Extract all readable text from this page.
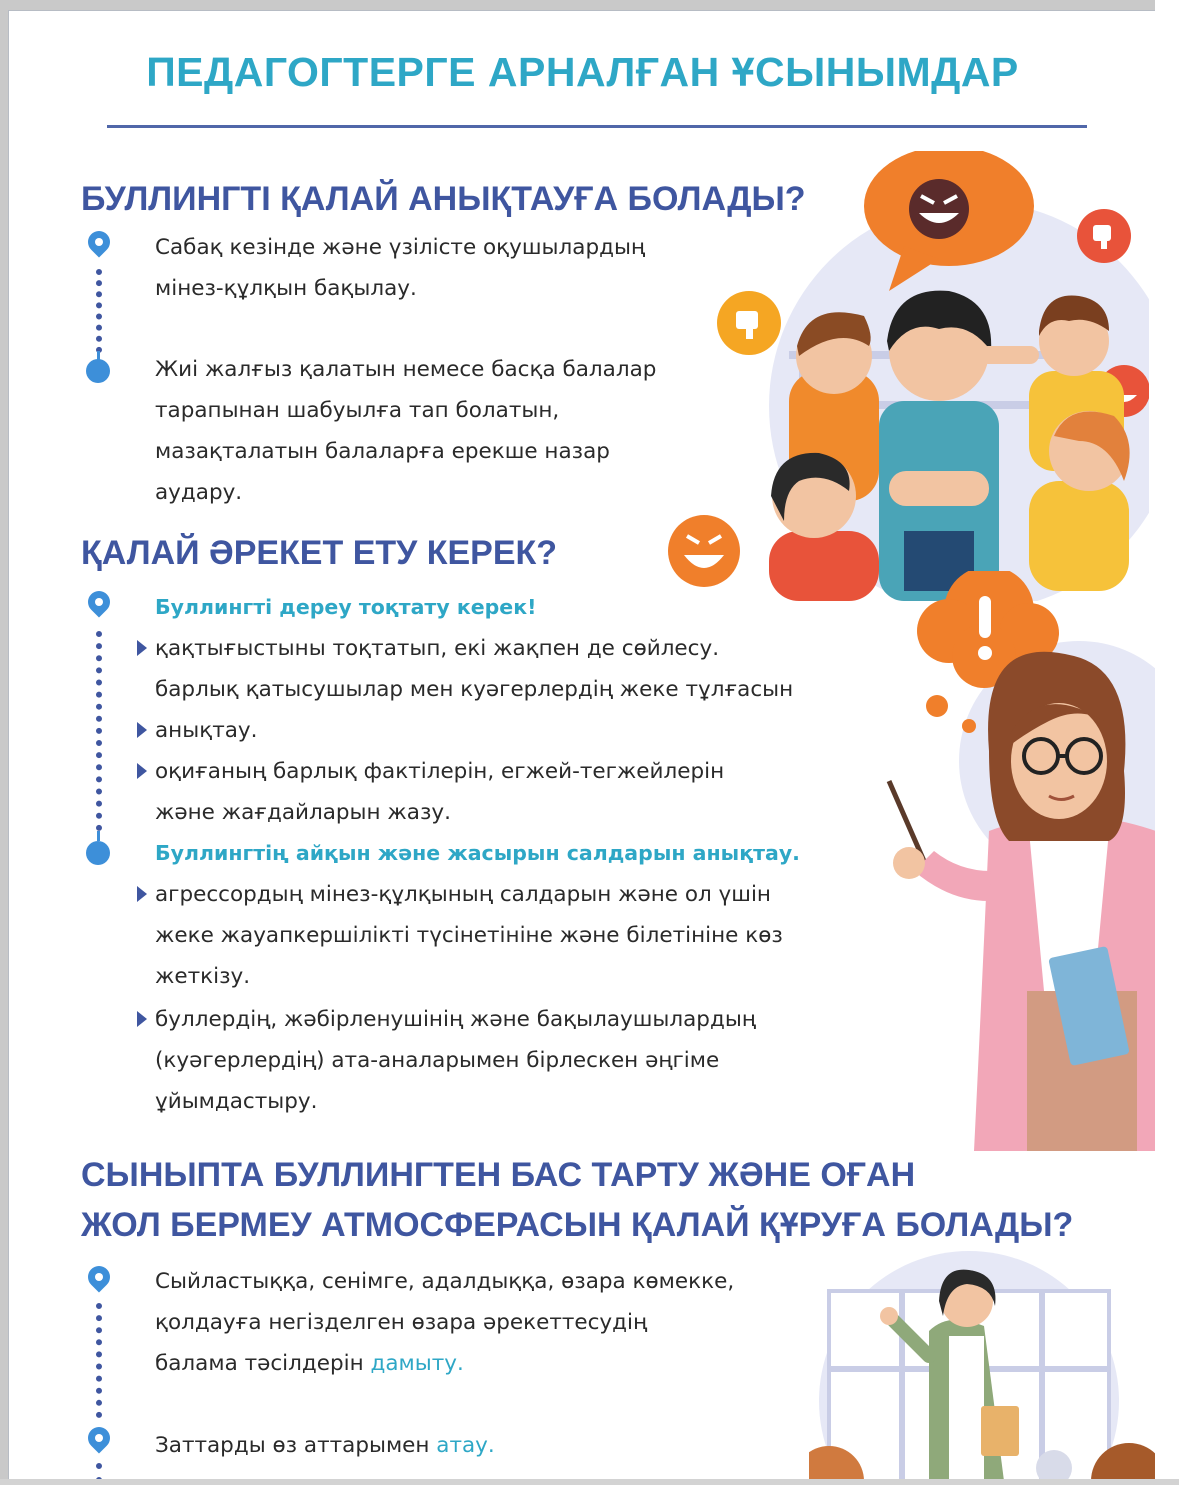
ПЕДАГОГТЕРГЕ АРНАЛҒАН ҰСЫНЫМДАР
БУЛЛИНГТІ ҚАЛАЙ АНЫҚТАУҒА БОЛАДЫ?
Сабақ кезінде және үзілісте оқушылардың
мінез-құлқын бақылау.
Жиі жалғыз қалатын немесе басқа балалар
тарапынан шабуылға тап болатын,
мазақталатын балаларға ерекше назар
аудару.
ҚАЛАЙ ӘРЕКЕТ ЕТУ КЕРЕК?
Буллингті дереу тоқтату керек!
қақтығыстыны тоқтатып, екі жақпен де сөйлесу.
барлық қатысушылар мен куәгерлердің жеке тұлғасын
анықтау.
оқиғаның барлық фактілерін, егжей-тегжейлерін
және жағдайларын жазу.
Буллингтің айқын және жасырын салдарын анықтау.
агрессордың мінез-құлқының салдарын және ол үшін
жеке жауапкершілікті түсінетініне және білетініне көз
жеткізу.
буллердің, жәбірленушінің және бақылаушылардың
(куәгерлердің) ата-аналарымен бірлескен әңгіме
ұйымдастыру.
СЫНЫПТА БУЛЛИНГТЕН БАС ТАРТУ ЖӘНЕ ОҒАН
ЖОЛ БЕРМЕУ АТМОСФЕРАСЫН ҚАЛАЙ ҚҰРУҒА БОЛАДЫ?
Сыйластыққа, сенімге, адалдыққа, өзара көмекке,
қолдауға негізделген өзара әрекеттесудің
балама тәсілдерін дамыту.
Заттарды өз аттарымен атау.
